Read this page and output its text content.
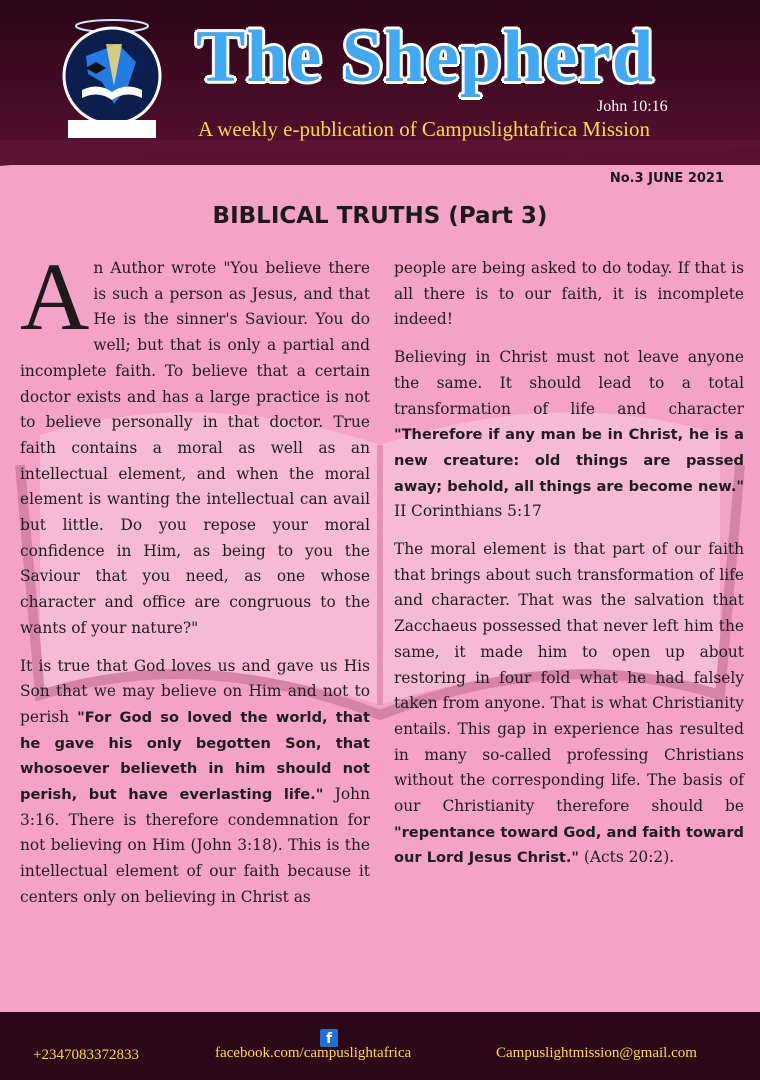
The Shepherd
John 10:16
A weekly e-publication of Campuslightafrica Mission
No.3 JUNE 2021
BIBLICAL TRUTHS (Part 3)

An Author wrote "You believe there is such a person as Jesus, and that He is the sinner's Saviour. You do well; but that is only a partial and incomplete faith. To believe that a certain doctor exists and has a large practice is not to believe personally in that doctor. True faith contains a moral as well as an intellectual element, and when the moral element is wanting the intellectual can avail but little. Do you repose your moral confidence in Him, as being to you the Saviour that you need, as one whose character and office are congruous to the wants of your nature?"

It is true that God loves us and gave us His Son that we may believe on Him and not to perish "For God so loved the world, that he gave his only begotten Son, that whosoever believeth in him should not perish, but have everlasting life." John 3:16. There is therefore condemnation for not believing on Him (John 3:18). This is the intellectual element of our faith because it centers only on believing in Christ as

people are being asked to do today. If that is all there is to our faith, it is incomplete indeed!

Believing in Christ must not leave anyone the same. It should lead to a total transformation of life and character "Therefore if any man be in Christ, he is a new creature: old things are passed away; behold, all things are become new." II Corinthians 5:17

The moral element is that part of our faith that brings about such transformation of life and character. That was the salvation that Zacchaeus possessed that never left him the same, it made him to open up about restoring in four fold what he had falsely taken from anyone. That is what Christianity entails. This gap in experience has resulted in many so-called professing Christians without the corresponding life. The basis of our Christianity therefore should be "repentance toward God, and faith toward our Lord Jesus Christ." (Acts 20:2).

f
+2347083372833	facebook.com/campuslightafrica	Campuslightmission@gmail.com
